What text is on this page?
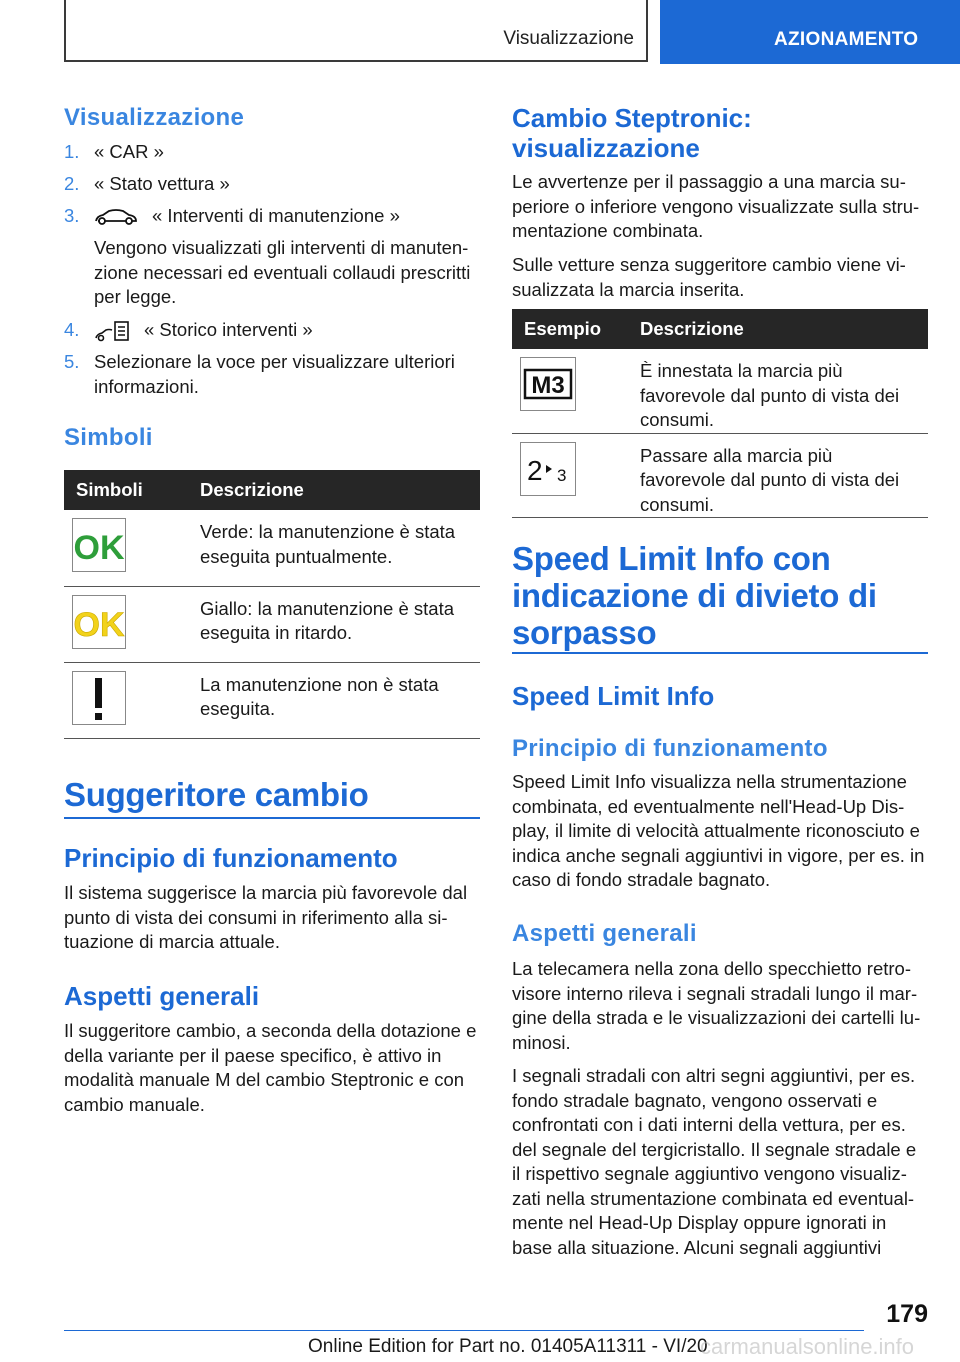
Visualizzazione	AZIONAMENTO
Visualizzazione
1. « CAR »
2. « Stato vettura »
3.	« Interventi di manutenzione »
Vengono visualizzati gli interventi di manuten-zione necessari ed eventuali collaudi prescritti per legge.
4.	« Storico interventi »
5. Selezionare la voce per visualizzare ulteriori informazioni.
Simboli
Simboli	Descrizione

OK	Verde: la manutenzione è stata eseguita puntualmente.

OK	Giallo: la manutenzione è stata eseguita in ritardo.

	La manutenzione non è stata eseguita.
Suggeritore cambio
Principio di funzionamento

Il sistema suggerisce la marcia più favorevole dal punto di vista dei consumi in riferimento alla si-tuazione di marcia attuale.

Aspetti generali

Il suggeritore cambio, a seconda della dotazione e della variante per il paese specifico, è attivo in modalità manuale M del cambio Steptronic e con cambio manuale.

Cambio Steptronic: visualizzazione

Le avvertenze per il passaggio a una marcia su-periore o inferiore vengono visualizzate sulla stru-mentazione combinata.

Sulle vetture senza suggeritore cambio viene vi-sualizzata la marcia inserita.

Esempio	Descrizione

M3	È innestata la marcia più favorevole dal punto di vista dei consumi.

2 3	Passare alla marcia più favorevole dal punto di vista dei consumi.
Speed Limit Info con indicazione di divieto di sorpasso
Speed Limit Info
Principio di funzionamento

Speed Limit Info visualizza nella strumentazione combinata, ed eventualmente nell'Head-Up Dis-play, il limite di velocità attualmente riconosciuto e indica anche segnali aggiuntivi in vigore, per es. in caso di fondo stradale bagnato.

Aspetti generali

La telecamera nella zona dello specchietto retro-visore interno rileva i segnali stradali lungo il mar-gine della strada e le visualizzazioni dei cartelli lu-minosi.

I segnali stradali con altri segni aggiuntivi, per es. fondo stradale bagnato, vengono osservati e confrontati con i dati interni della vettura, per es. del segnale del tergicristallo. Il segnale stradale e il rispettivo segnale aggiuntivo vengono visualiz-zati nella strumentazione combinata ed eventual-mente nel Head-Up Display oppure ignorati in base alla situazione. Alcuni segnali aggiuntivi

179
Online Edition for Part no. 01405A11311 - VI/20
carmanualsonline.info
